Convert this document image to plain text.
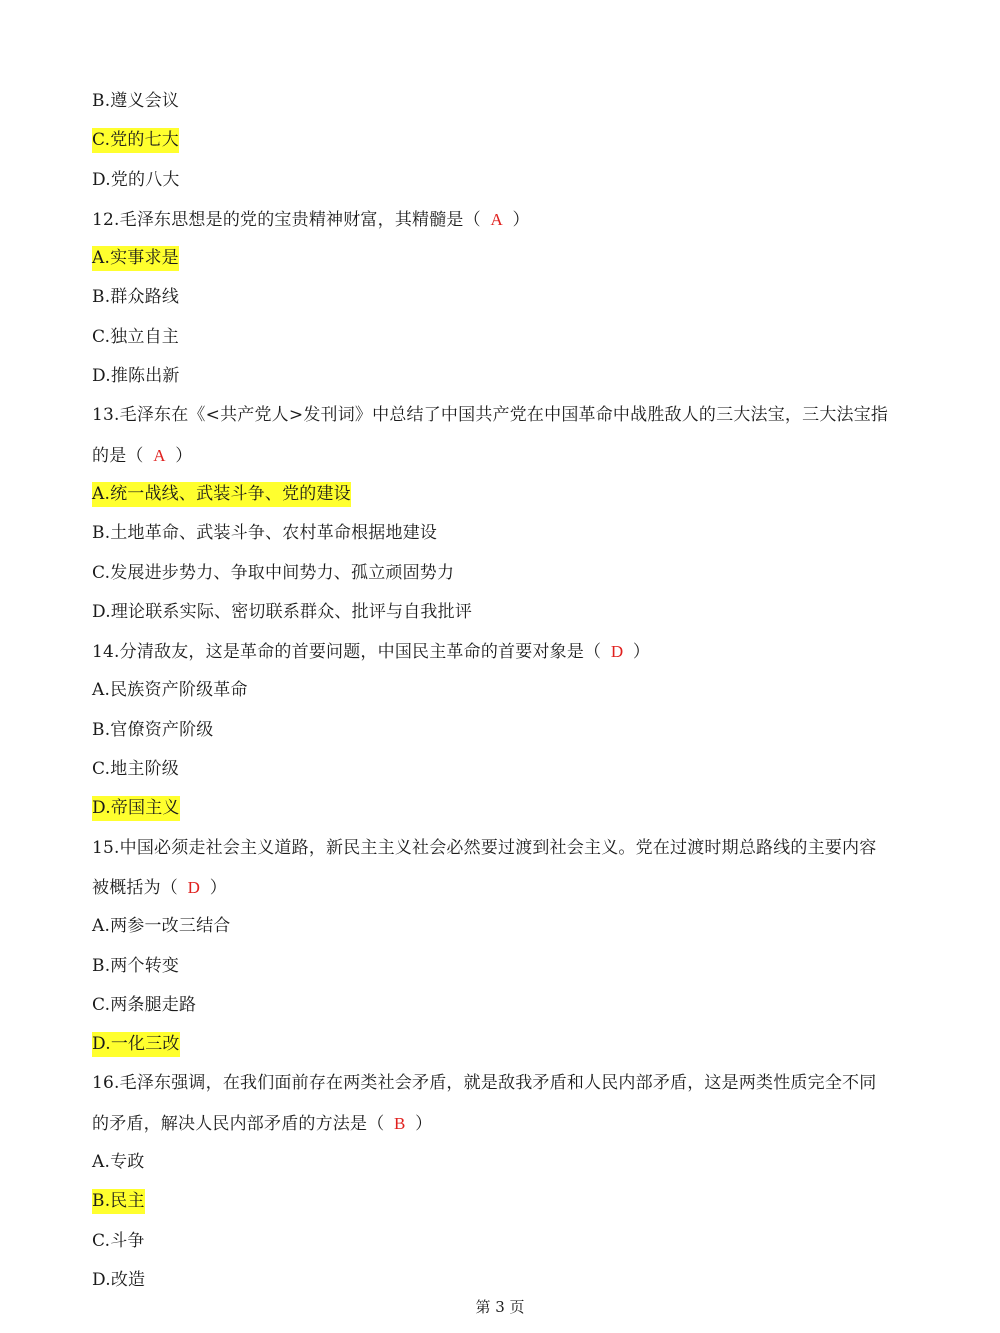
B.遵义会议
C.党的七大
D.党的八大
12.毛泽东思想是的党的宝贵精神财富，其精髓是（ A ）
A.实事求是
B.群众路线
C.独立自主
D.推陈出新
13.毛泽东在《<共产党人>发刊词》中总结了中国共产党在中国革命中战胜敌人的三大法宝，三大法宝指
的是（ A ）
A.统一战线、武装斗争、党的建设
B.土地革命、武装斗争、农村革命根据地建设
C.发展进步势力、争取中间势力、孤立顽固势力
D.理论联系实际、密切联系群众、批评与自我批评
14.分清敌友，这是革命的首要问题，中国民主革命的首要对象是（ D ）
A.民族资产阶级革命
B.官僚资产阶级
C.地主阶级
D.帝国主义
15.中国必须走社会主义道路，新民主主义社会必然要过渡到社会主义。党在过渡时期总路线的主要内容
被概括为（ D ）
A.两参一改三结合
B.两个转变
C.两条腿走路
D.一化三改
16.毛泽东强调，在我们面前存在两类社会矛盾，就是敌我矛盾和人民内部矛盾，这是两类性质完全不同
的矛盾，解决人民内部矛盾的方法是（ B ）
A.专政
B.民主
C.斗争
D.改造
第 3 页
